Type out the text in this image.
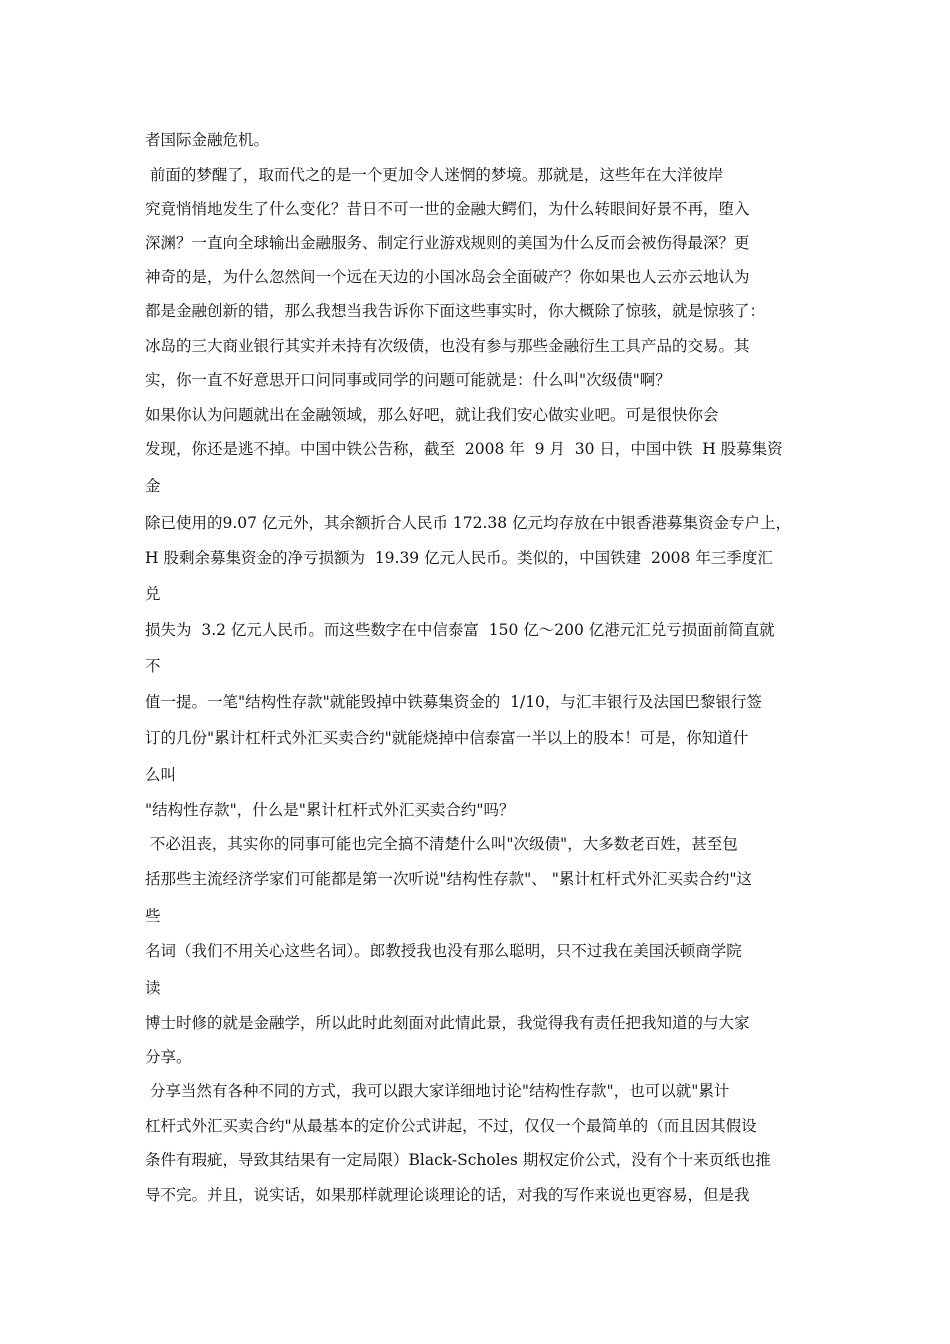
者国际金融危机。
前面的梦醒了，取而代之的是一个更加令人迷惘的梦境。那就是，这些年在大洋彼岸
究竟悄悄地发生了什么变化？昔日不可一世的金融大鳄们，为什么转眼间好景不再，堕入
深渊？一直向全球输出金融服务、制定行业游戏规则的美国为什么反而会被伤得最深？更
神奇的是，为什么忽然间一个远在天边的小国冰岛会全面破产？你如果也人云亦云地认为
都是金融创新的错，那么我想当我告诉你下面这些事实时，你大概除了惊骇，就是惊骇了：
冰岛的三大商业银行其实并未持有次级债，也没有参与那些金融衍生工具产品的交易。其
实，你一直不好意思开口问同事或同学的问题可能就是：什么叫"次级债"啊？
如果你认为问题就出在金融领域，那么好吧，就让我们安心做实业吧。可是很快你会
发现，你还是逃不掉。中国中铁公告称，截至  2008 年  9 月  30 日，中国中铁  H 股募集资
金
除已使用的9.07 亿元外，其余额折合人民币 172.38 亿元均存放在中银香港募集资金专户上，
H 股剩余募集资金的净亏损额为  19.39 亿元人民币。类似的，中国铁建  2008 年三季度汇
兑
损失为  3.2 亿元人民币。而这些数字在中信泰富  150 亿～200 亿港元汇兑亏损面前简直就
不
值一提。一笔"结构性存款"就能毁掉中铁募集资金的  1/10，与汇丰银行及法国巴黎银行签
订的几份"累计杠杆式外汇买卖合约"就能烧掉中信泰富一半以上的股本！可是，你知道什
么叫
"结构性存款"，什么是"累计杠杆式外汇买卖合约"吗？
不必沮丧，其实你的同事可能也完全搞不清楚什么叫"次级债"，大多数老百姓，甚至包
括那些主流经济学家们可能都是第一次听说"结构性存款"、 "累计杠杆式外汇买卖合约"这
些
名词（我们不用关心这些名词）。郎教授我也没有那么聪明，只不过我在美国沃顿商学院
读
博士时修的就是金融学，所以此时此刻面对此情此景，我觉得我有责任把我知道的与大家
分享。
分享当然有各种不同的方式，我可以跟大家详细地讨论"结构性存款"，也可以就"累计
杠杆式外汇买卖合约"从最基本的定价公式讲起，不过，仅仅一个最简单的（而且因其假设
条件有瑕疵，导致其结果有一定局限）Black-Scholes 期权定价公式，没有个十来页纸也推
导不完。并且，说实话，如果那样就理论谈理论的话，对我的写作来说也更容易，但是我
